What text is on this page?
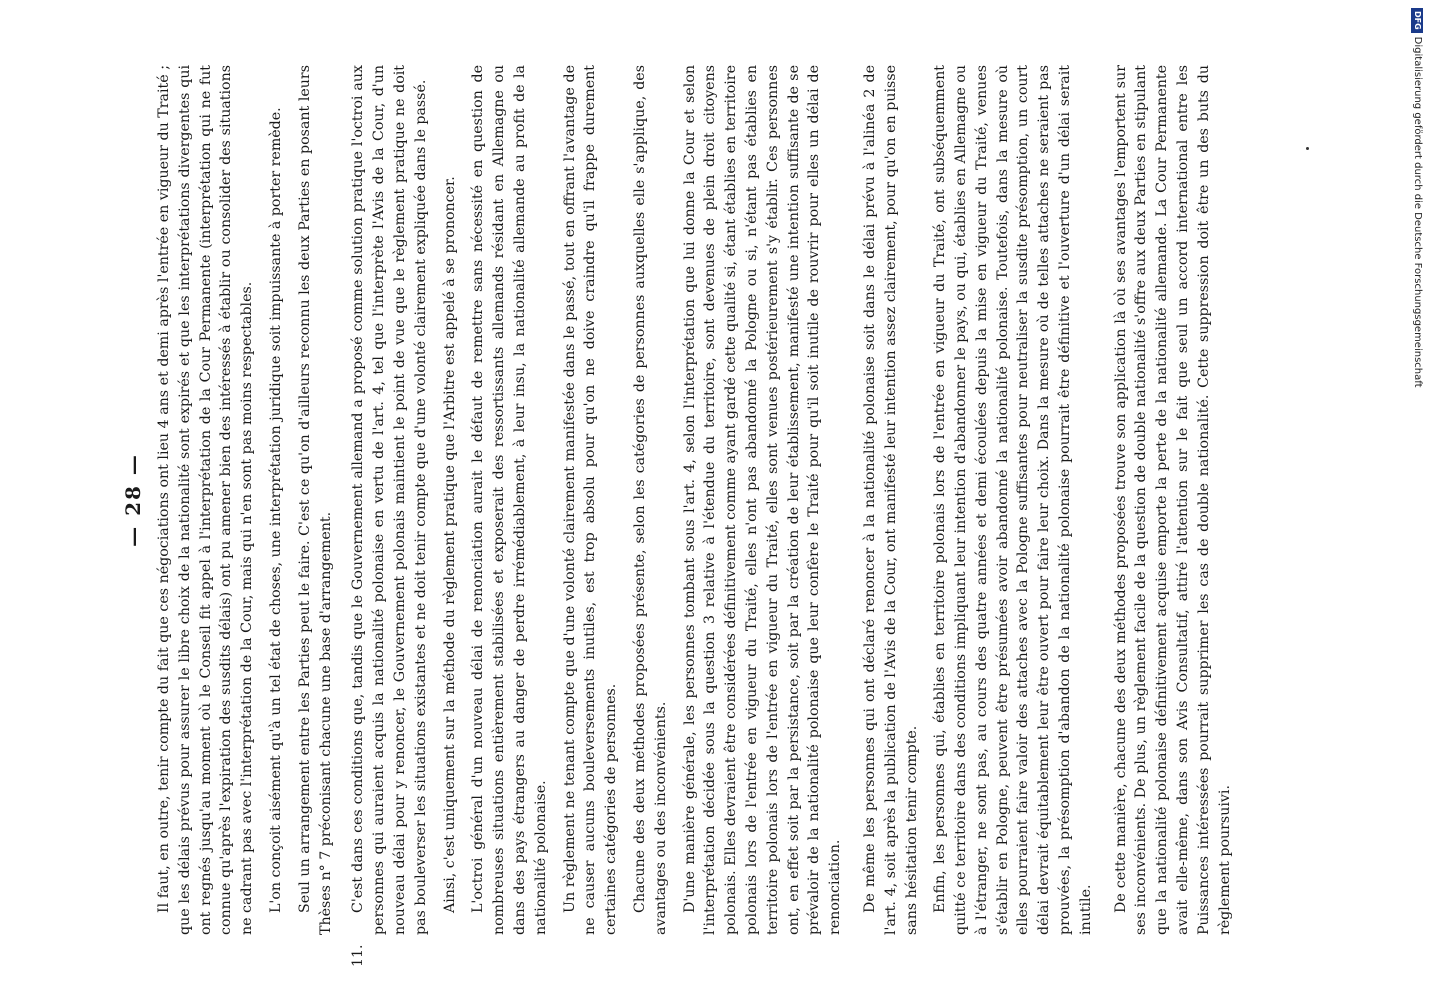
— 28 — Il faut, en outre, tenir compte du fait que ces négociations ont lieu 4 ans et demi après l'entrée en vigueur du Traité ; que les délais prévus pour assurer le libre choix de la nationalité sont expirés et que les interprétations divergentes qui ont regnés jusqu'au moment où le Conseil fit appel à l'interprétation de la Cour Permanente (interprétation qui ne fut connue qu'après l'expiration des susdits délais) ont pu amener bien des intéressés à établir ou consolider des situations ne cadrant pas avec l'interprétation de la Cour, mais qui n'en sont pas moins respectables. L'on conçoit aisément qu'à un tel état de choses, une interprétation juridique soit impuissante à porter remède. Seul un arrangement entre les Parties peut le faire. C'est ce qu'on d'ailleurs reconnu les deux Parties en posant leurs Thèses n° 7 préconisant chacune une base d'arrangement.

11.
C'est dans ces conditions que, tandis que le Gouvernement allemand a proposé comme solution pratique l'octroi aux personnes qui auraient acquis la nationalité polonaise en vertu de l'art. 4, tel que l'interprète l'Avis de la Cour, d'un nouveau délai pour y renoncer, le Gouvernement polonais maintient le point de vue que le règlement pratique ne doit pas bouleverser les situations existantes et ne doit tenir compte que d'une volonté clairement expliquée dans le passé. Ainsi, c'est uniquement sur la méthode du règlement pratique que l'Arbitre est appelé à se prononcer. L'octroi général d'un nouveau délai de renonciation aurait le défaut de remettre sans nécessité en question de nombreuses situations entièrement stabilisées et exposerait des ressortissants allemands résidant en Allemagne ou dans des pays étrangers au danger de perdre irrémédiablement, à leur insu, la nationalité allemande au profit de la nationalité polonaise. Un règlement ne tenant compte que d'une volonté clairement manifestée dans le passé, tout en offrant l'avantage de ne causer aucuns bouleversements inutiles, est trop absolu pour qu'on ne doive craindre qu'il frappe durement certaines catégories de personnes. Chacune des deux méthodes proposées présente, selon les catégories de personnes auxquelles elle s'applique, des avantages ou des inconvénients. D'une manière générale, les personnes tombant sous l'art. 4, selon l'interprétation que lui donne la Cour et selon l'interprétation décidée sous la question 3 relative à l'étendue du territoire, sont devenues de plein droit citoyens polonais. Elles devraient être considérées définitivement comme ayant gardé cette qualité si, étant établies en territoire polonais lors de l'entrée en vigueur du Traité, elles n'ont pas abandonné la Pologne ou si, n'étant pas établies en territoire polonais lors de l'entrée en vigueur du Traité, elles sont venues postérieurement s'y établir. Ces personnes ont, en effet soit par la persistance, soit par la création de leur établissement, manifesté une intention suffisante de se prévaloir de la nationalité polonaise que leur confère le Traité pour qu'il soit inutile de rouvrir pour elles un délai de renonciation. De même les personnes qui ont déclaré renoncer à la nationalité polonaise soit dans le délai prévu à l'alinéa 2 de l'art. 4, soit après la publication de l'Avis de la Cour, ont manifesté leur intention assez clairement, pour qu'on en puisse sans hésitation tenir compte. Enfin, les personnes qui, établies en territoire polonais lors de l'entrée en vigueur du Traité, ont subséquemment quitté ce territoire dans des conditions impliquant leur intention d'abandonner le pays, ou qui, établies en Allemagne ou à l'étranger, ne sont pas, au cours des quatre années et demi écoulées depuis la mise en vigueur du Traité, venues s'établir en Pologne, peuvent être présumées avoir abandonné la nationalité polonaise. Toutefois, dans la mesure où elles pourraient faire valoir des attaches avec la Pologne suffisantes pour neutraliser la susdite présomption, un court délai devrait équitablement leur être ouvert pour faire leur choix. Dans la mesure où de telles attaches ne seraient pas prouvées, la présomption d'abandon de la nationalité polonaise pourrait être définitive et l'ouverture d'un délai serait inutile. De cette manière, chacune des deux méthodes proposées trouve son application là où ses avantages l'emportent sur ses inconvénients. De plus, un règlement facile de la question de double nationalité s'offre aux deux Parties en stipulant que la nationalité polonaise définitivement acquise emporte la perte de la nationalité allemande. La Cour Permanente avait elle-même, dans son Avis Consultatif, attiré l'attention sur le fait que seul un accord international entre les Puissances intéressées pourrait supprimer les cas de double nationalité. Cette suppression doit être un des buts du règlement poursuivi.

DFGDigitalisierung gefördert durch die Deutsche Forschungsgemeinschaft
